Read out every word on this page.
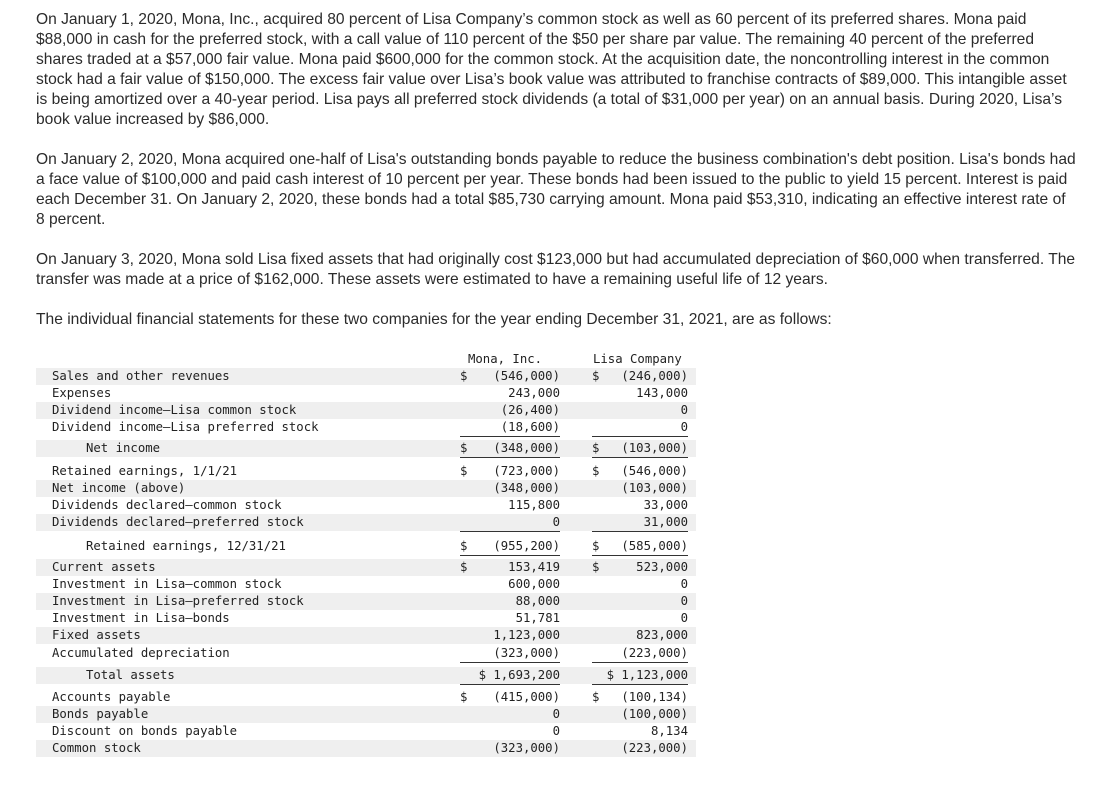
On January 1, 2020, Mona, Inc., acquired 80 percent of Lisa Company’s common stock as well as 60 percent of its preferred shares. Mona paid $88,000 in cash for the preferred stock, with a call value of 110 percent of the $50 per share par value. The remaining 40 percent of the preferred shares traded at a $57,000 fair value. Mona paid $600,000 for the common stock. At the acquisition date, the noncontrolling interest in the common stock had a fair value of $150,000. The excess fair value over Lisa’s book value was attributed to franchise contracts of $89,000. This intangible asset is being amortized over a 40-year period. Lisa pays all preferred stock dividends (a total of $31,000 per year) on an annual basis. During 2020, Lisa’s book value increased by $86,000.

On January 2, 2020, Mona acquired one-half of Lisa's outstanding bonds payable to reduce the business combination's debt position. Lisa's bonds had a face value of $100,000 and paid cash interest of 10 percent per year. These bonds had been issued to the public to yield 15 percent. Interest is paid each December 31. On January 2, 2020, these bonds had a total $85,730 carrying amount. Mona paid $53,310, indicating an effective interest rate of 8 percent.

On January 3, 2020, Mona sold Lisa fixed assets that had originally cost $123,000 but had accumulated depreciation of $60,000 when transferred. The transfer was made at a price of $162,000. These assets were estimated to have a remaining useful life of 12 years.

The individual financial statements for these two companies for the year ending December 31, 2021, are as follows:

Mona, Inc.	Lisa Company
Sales and other revenues	$ (546,000)	$ (246,000)
Expenses	243,000	143,000
Dividend income—Lisa common stock	(26,400)	0
Dividend income—Lisa preferred stock	(18,600)	0
Net income	$ (348,000)	$ (103,000)
Retained earnings, 1/1/21	$ (723,000)	$ (546,000)
Net income (above)	(348,000)	(103,000)
Dividends declared—common stock	115,800	33,000
Dividends declared—preferred stock	0	31,000
Retained earnings, 12/31/21	$ (955,200)	$ (585,000)
Current assets	$	153,419	$	523,000
Investment in Lisa—common stock	600,000	0
Investment in Lisa—preferred stock	88,000	0
Investment in Lisa—bonds	51,781	0
Fixed assets	1,123,000	823,000
Accumulated depreciation	(323,000)	(223,000)
Total assets	$ 1,693,200	$ 1,123,000
Accounts payable	$ (415,000)	$ (100,134)
Bonds payable	0	(100,000)
Discount on bonds payable	0	8,134
Common stock	(323,000)	(223,000)
